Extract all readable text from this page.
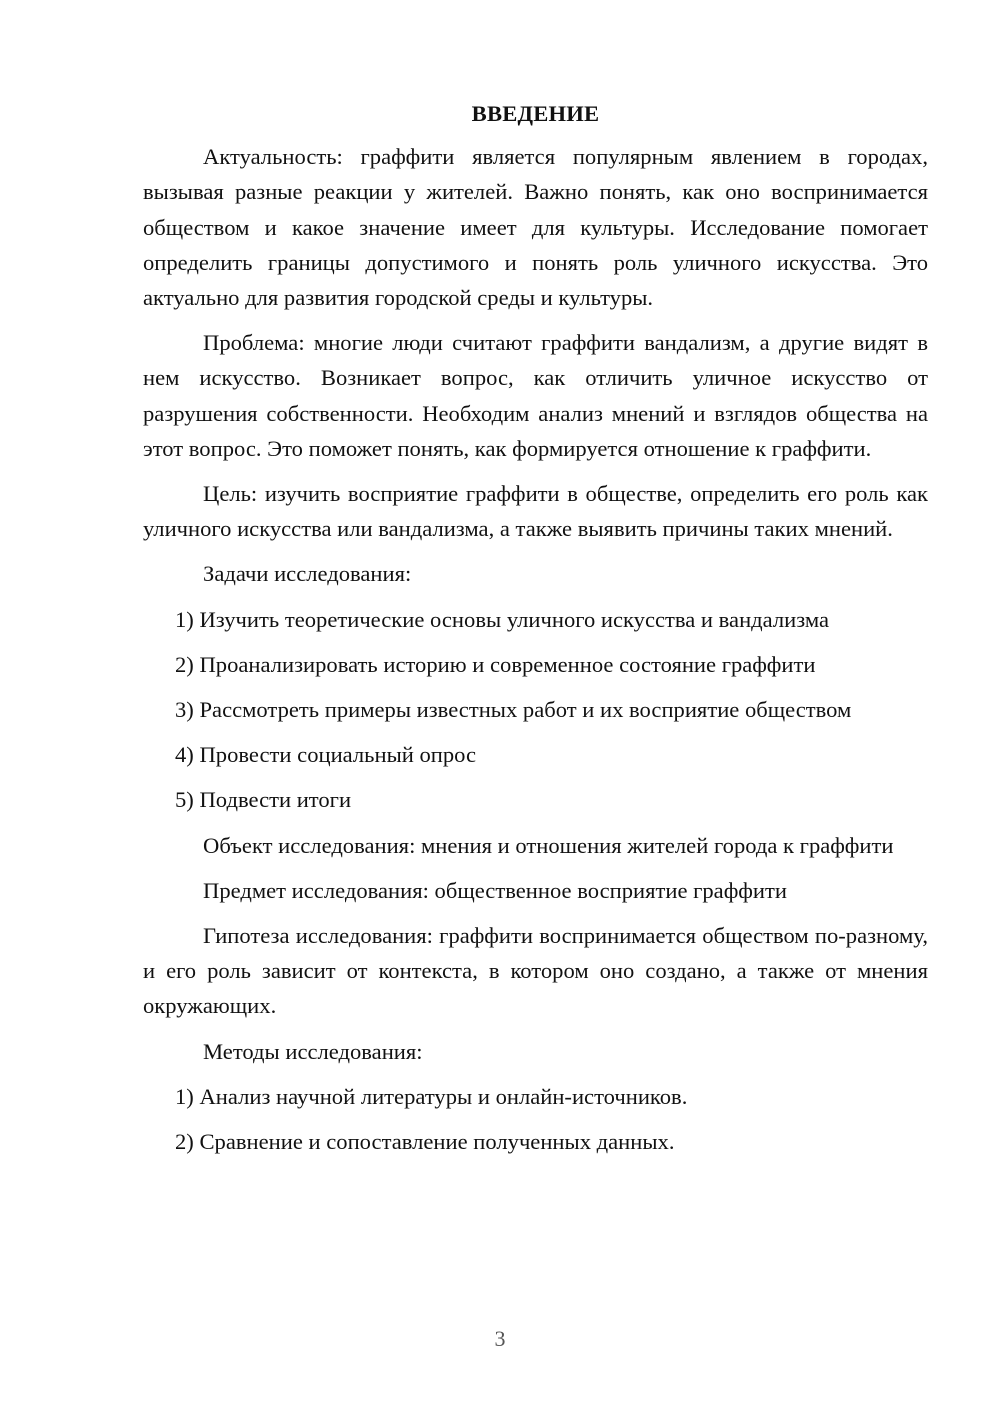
ВВЕДЕНИЕ
Актуальность: граффити является популярным явлением в городах, вызывая разные реакции у жителей. Важно понять, как оно воспринимается обществом и какое значение имеет для культуры. Исследование помогает определить границы допустимого и понять роль уличного искусства. Это актуально для развития городской среды и культуры.
Проблема: многие люди считают граффити вандализм, а другие видят в нем искусство. Возникает вопрос, как отличить уличное искусство от разрушения собственности. Необходим анализ мнений и взглядов общества на этот вопрос. Это поможет понять, как формируется отношение к граффити.
Цель: изучить восприятие граффити в обществе, определить его роль как уличного искусства или вандализма, а также выявить причины таких мнений.
Задачи исследования:
1) Изучить теоретические основы уличного искусства и вандализма
2) Проанализировать историю и современное состояние граффити
3) Рассмотреть примеры известных работ и их восприятие обществом
4) Провести социальный опрос
5) Подвести итоги
Объект исследования: мнения и отношения жителей города к граффити
Предмет исследования: общественное восприятие граффити
Гипотеза исследования: граффити воспринимается обществом по-разному, и его роль зависит от контекста, в котором оно создано, а также от мнения окружающих.
Методы исследования:
1) Анализ научной литературы и онлайн-источников.
2) Сравнение и сопоставление полученных данных.
3
